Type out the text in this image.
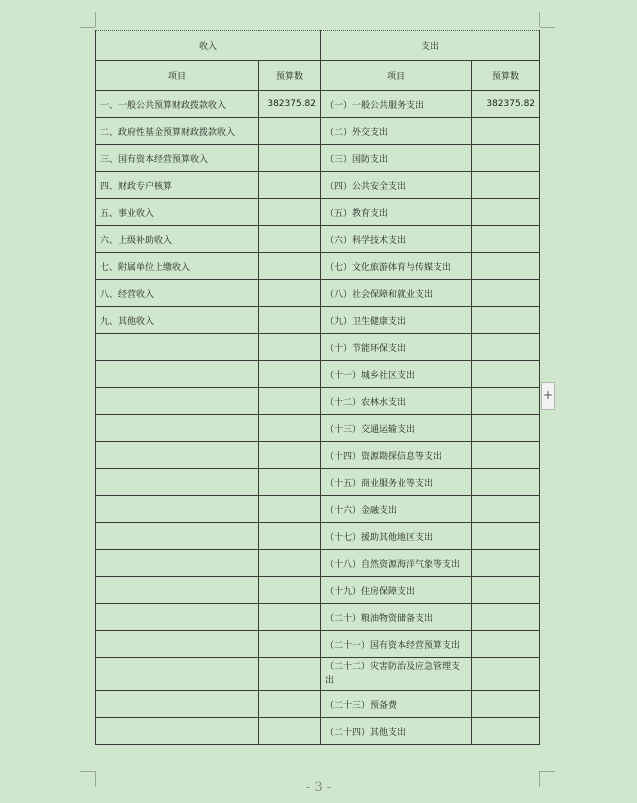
收入		支出	
项目	预算数	项目	预算数
一、一般公共预算财政拨款收入	382375.82	（一）一般公共服务支出	382375.82
二、政府性基金预算财政拨款收入		（二）外交支出	
三、国有资本经营预算收入		（三）国防支出	
四、财政专户核算		（四）公共安全支出	
五、事业收入		（五）教育支出	
六、上级补助收入		（六）科学技术支出	
七、附属单位上缴收入		（七）文化旅游体育与传媒支出	
八、经营收入		（八）社会保障和就业支出	
九、其他收入		（九）卫生健康支出	
		（十）节能环保支出	
		（十一）城乡社区支出	
		（十二）农林水支出	
		（十三）交通运输支出	
		（十四）资源勘探信息等支出	
		（十五）商业服务业等支出	
		（十六）金融支出	
		（十七）援助其他地区支出	
		（十八）自然资源海洋气象等支出	
		（十九）住房保障支出	
		（二十）粮油物资储备支出	
		（二十一）国有资本经营预算支出	
		（二十二）灾害防治及应急管理支出	
		（二十三）预备费	
		（二十四）其他支出	
+
- 3 -
